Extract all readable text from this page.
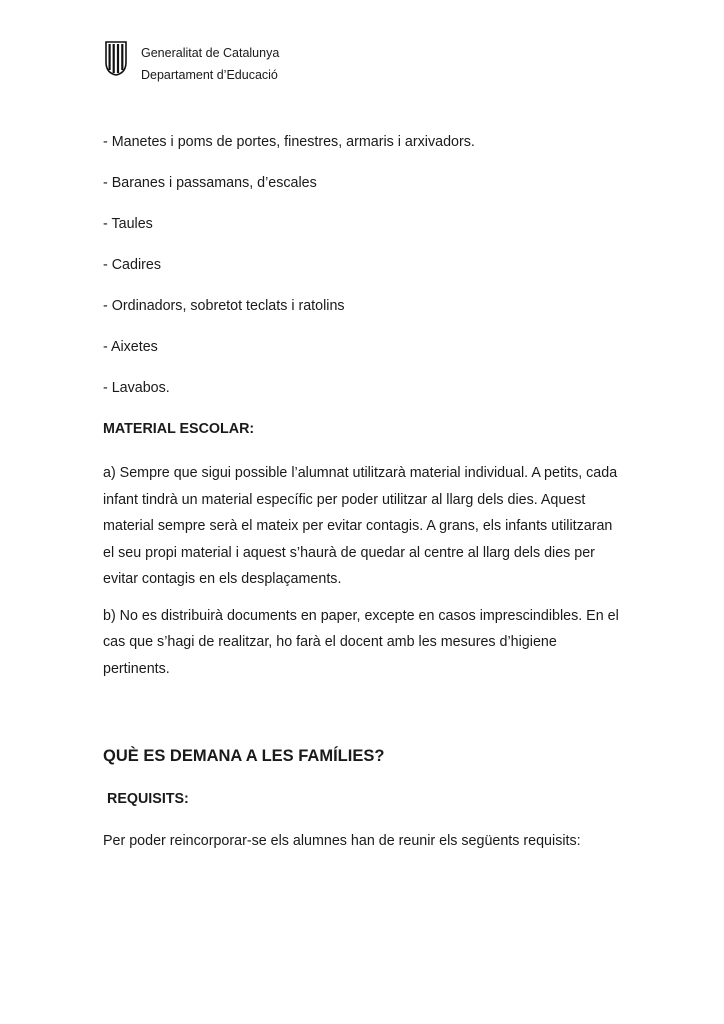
Generalitat de Catalunya
Departament d’Educació

- Manetes i poms de portes, finestres, armaris i arxivadors.

- Baranes i passamans, d’escales

- Taules

- Cadires

- Ordinadors, sobretot teclats i ratolins

- Aixetes

- Lavabos.

MATERIAL ESCOLAR:

a) Sempre que sigui possible l’alumnat utilitzarà material individual. A petits, cada infant tindrà un material específic per poder utilitzar al llarg dels dies. Aquest material sempre serà el mateix per evitar contagis. A grans, els infants utilitzaran el seu propi material i aquest s’haurà de quedar al centre al llarg dels dies per evitar contagis en els desplaçaments.

b) No es distribuirà documents en paper, excepte en casos imprescindibles. En el cas que s’hagi de realitzar, ho farà el docent amb les mesures d’higiene pertinents.

QUÈ ES DEMANA A LES FAMÍLIES?

REQUISITS:

Per poder reincorporar-se els alumnes han de reunir els següents requisits:
